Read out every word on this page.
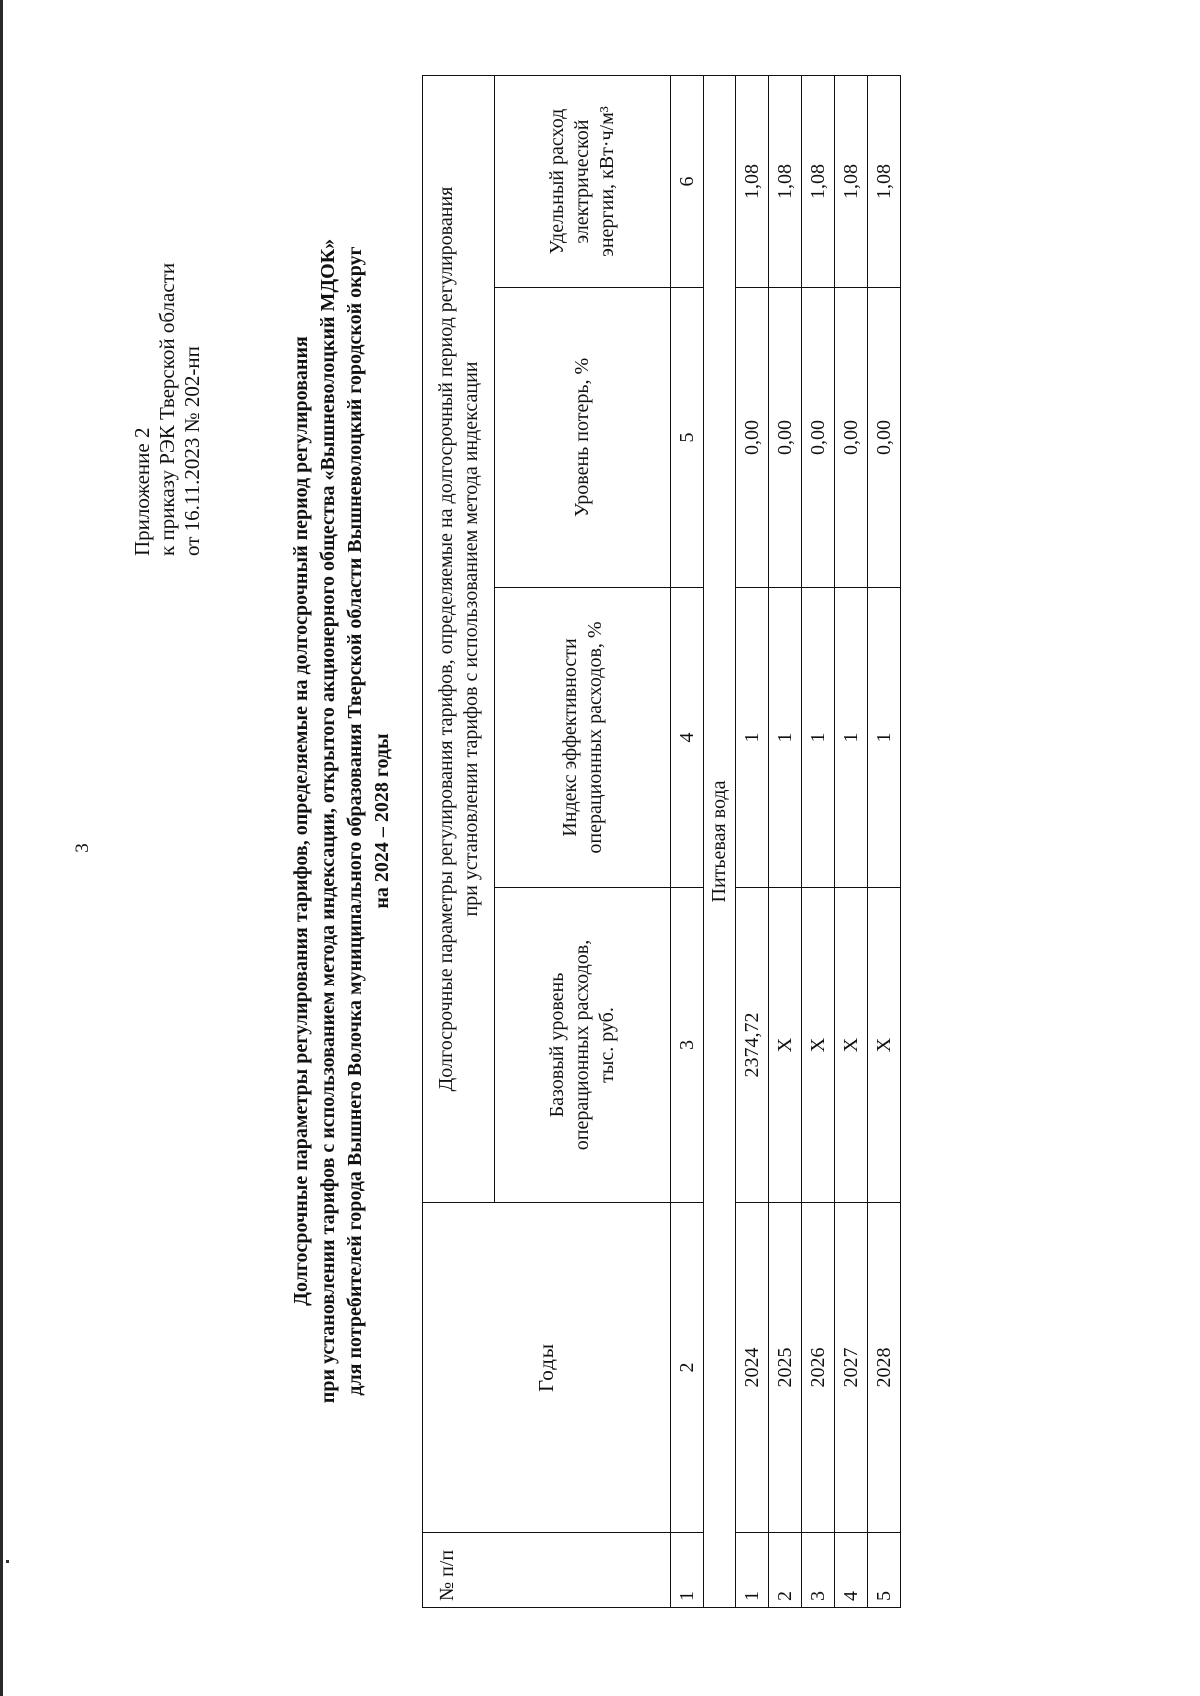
3
Приложение 2 к приказу РЭК Тверской области от 16.11.2023 № 202-нп	Долгосрочные параметры регулирования тарифов, определяемые на долгосрочный период регулирования при установлении тарифов с использованием метода индексации, открытого акционерного общества «Вышневолоцкий МДОК» для потребителей города Вышнего Волочка муниципального образования Тверской области Вышневолоцкий городской округ на 2024 – 2028 годы
№ п/п	Годы	Долгосрочные параметры регулирования тарифов, определяемые на долгосрочный период регулирования при установлении тарифов с использованием метода индексации			

		Базовый уровень операционных расходов, тыс. руб.	Индекс эффективности операционных расходов, %	Уровень потерь, %	Удельный расход электрической энергии, кВт·ч/м³

1	2	3	4	5	6
Питьевая вода					
1	2024	2374,72	1	0,00	1,08
2	2025	Х	1	0,00	1,08
3	2026	Х	1	0,00	1,08
4	2027	Х	1	0,00	1,08
5	2028	Х	1	0,00	1,08
